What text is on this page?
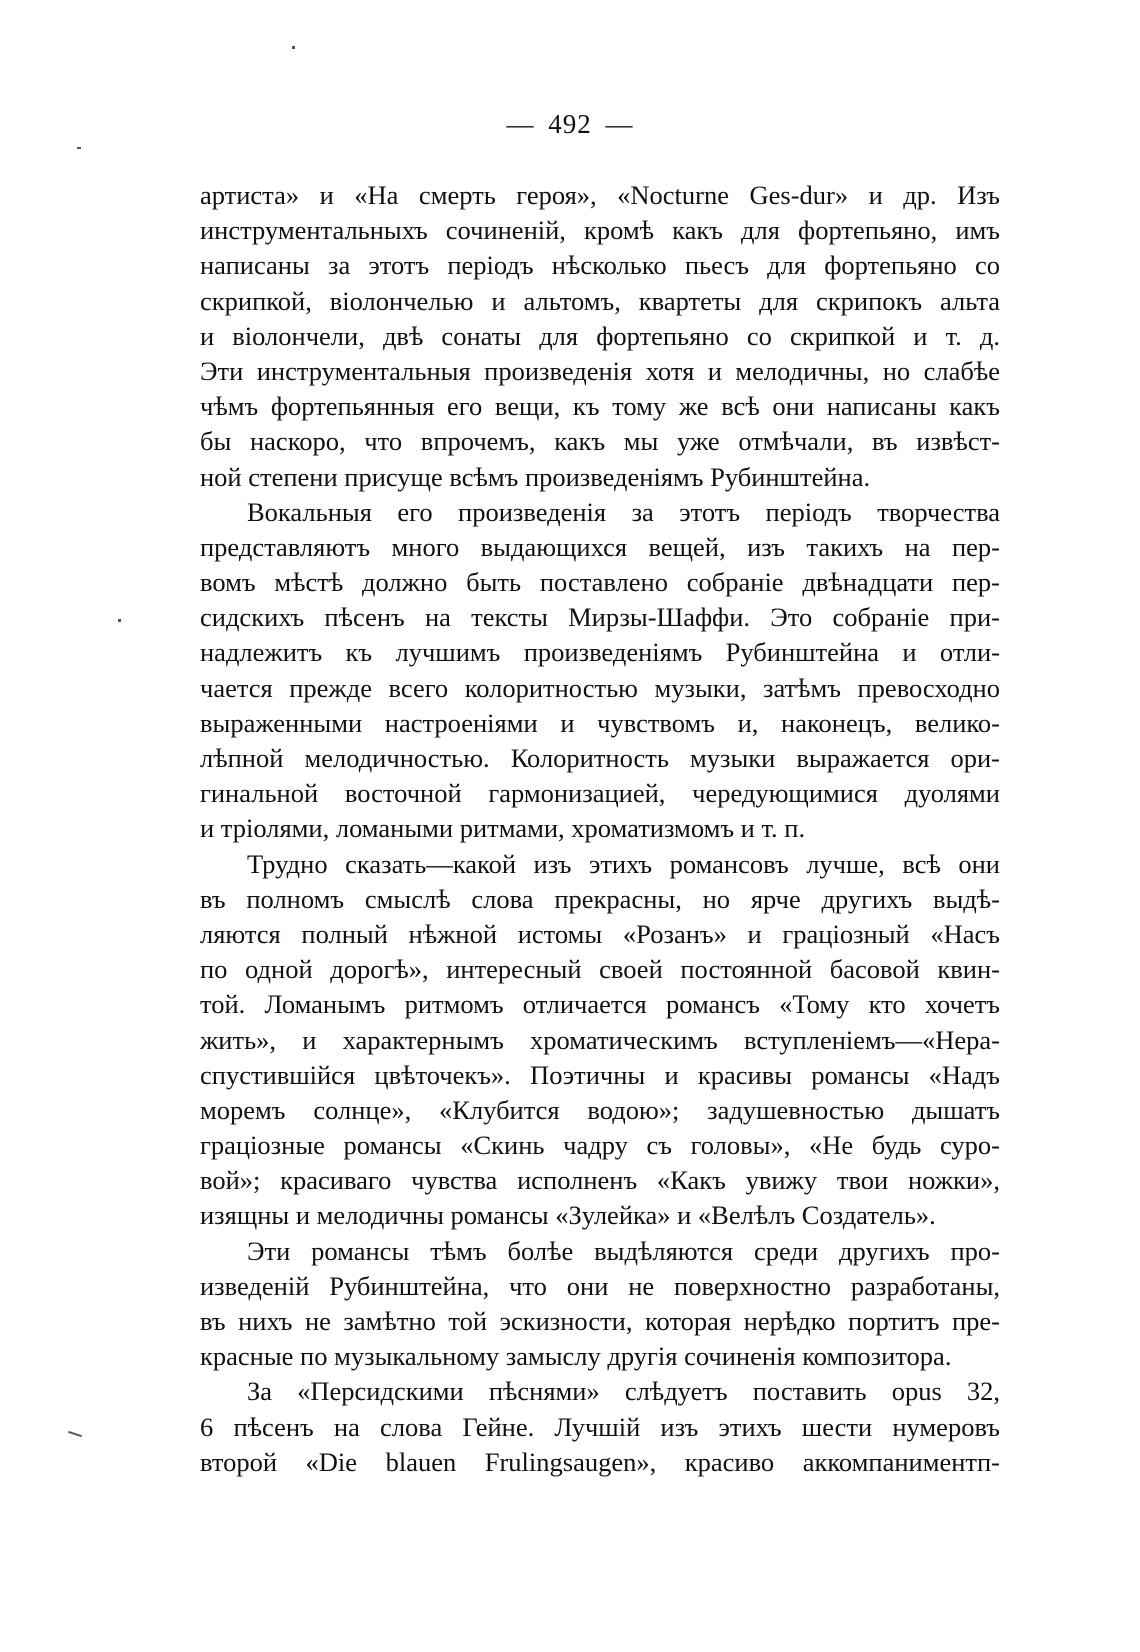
— 492 —
артиста» и «На смерть героя», «Nocturne Ges-dur» и др. Изъ
инструментальныхъ сочиненій, кромѣ какъ для фортепьяно, имъ
написаны за этотъ періодъ нѣсколько пьесъ для фортепьяно со
скрипкой, віолончелью и альтомъ, квартеты для скрипокъ альта
и віолончели, двѣ сонаты для фортепьяно со скрипкой и т. д.
Эти инструментальныя произведенія хотя и мелодичны, но слабѣе
чѣмъ фортепьянныя его вещи, къ тому же всѣ они написаны какъ
бы наскоро, что впрочемъ, какъ мы уже отмѣчали, въ извѣст-
ной степени присуще всѣмъ произведеніямъ Рубинштейна.
Вокальныя его произведенія за этотъ періодъ творчества
представляютъ много выдающихся вещей, изъ такихъ на пер-
вомъ мѣстѣ должно быть поставлено собраніе двѣнадцати пер-
сидскихъ пѣсенъ на тексты Мирзы-Шаффи. Это собраніе при-
надлежитъ къ лучшимъ произведеніямъ Рубинштейна и отли-
чается прежде всего колоритностью музыки, затѣмъ превосходно
выраженными настроеніями и чувствомъ и, наконецъ, велико-
лѣпной мелодичностью. Колоритность музыки выражается ори-
гинальной восточной гармонизацией, чередующимися дуолями
и тріолями, ломаными ритмами, хроматизмомъ и т. п.
Трудно сказать—какой изъ этихъ романсовъ лучше, всѣ они
въ полномъ смыслѣ слова прекрасны, но ярче другихъ выдѣ-
ляются полный нѣжной истомы «Розанъ» и граціозный «Насъ
по одной дорогѣ», интересный своей постоянной басовой квин-
той. Ломанымъ ритмомъ отличается романсъ «Тому кто хочетъ
жить», и характернымъ хроматическимъ вступленіемъ—«Нера-
спустившійся цвѣточекъ». Поэтичны и красивы романсы «Надъ
моремъ солнце», «Клубится водою»; задушевностью дышатъ
граціозные романсы «Скинь чадру съ головы», «Не будь суро-
вой»; красиваго чувства исполненъ «Какъ увижу твои ножки»,
изящны и мелодичны романсы «Зулейка» и «Велѣлъ Создатель».
Эти романсы тѣмъ болѣе выдѣляются среди другихъ про-
изведеній Рубинштейна, что они не поверхностно разработаны,
въ нихъ не замѣтно той эскизности, которая нерѣдко портитъ пре-
красные по музыкальному замыслу другія сочиненія композитора.
За «Персидскими пѣснями» слѣдуетъ поставить opus 32,
6 пѣсенъ на слова Гейне. Лучшій изъ этихъ шести нумеровъ
второй «Die blauen Frulingsaugen», красиво аккомпаниментп-
